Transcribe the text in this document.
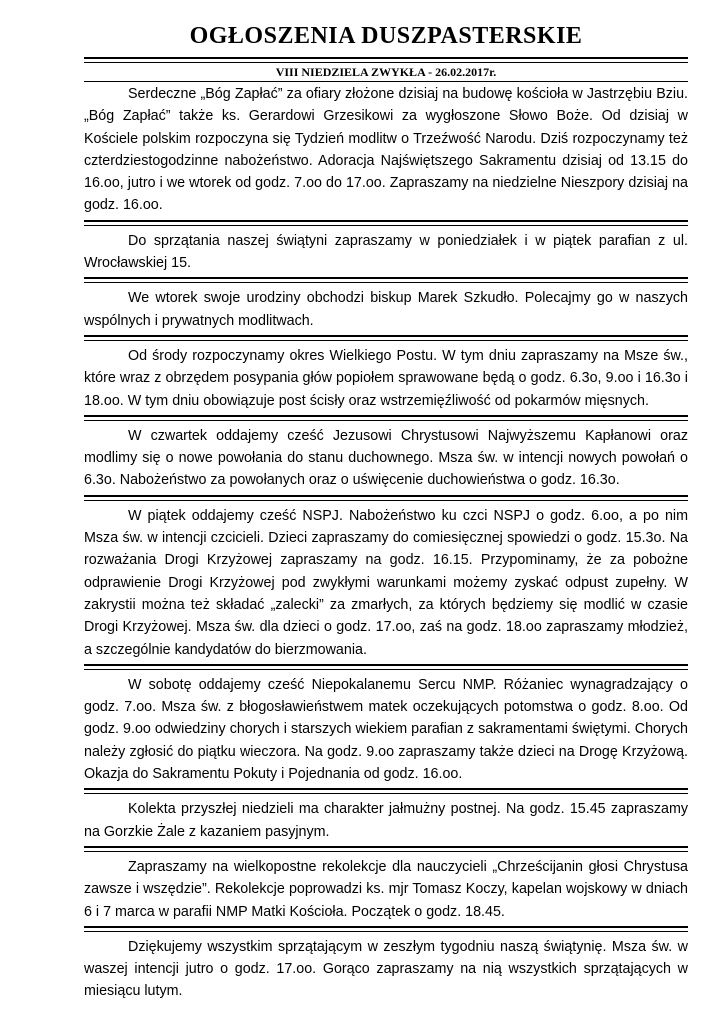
OGŁOSZENIA DUSZPASTERSKIE
VIII NIEDZIELA ZWYKŁA - 26.02.2017r.

Serdeczne „Bóg Zapłać” za ofiary złożone dzisiaj na budowę kościoła w Jastrzębiu Bziu. „Bóg Zapłać” także ks. Gerardowi Grzesikowi za wygłoszone Słowo Boże. Od dzisiaj w Kościele polskim rozpoczyna się Tydzień modlitw o Trzeźwość Narodu. Dziś rozpoczynamy też czterdziestogodzinne nabożeństwo. Adoracja Najświętszego Sakramentu dzisiaj od 13.15 do 16.oo, jutro i we wtorek od godz. 7.oo do 17.oo. Zapraszamy na niedzielne Nieszpory dzisiaj na godz. 16.oo.

Do sprzątania naszej świątyni zapraszamy w poniedziałek i w piątek parafian z ul. Wrocławskiej 15.

We wtorek swoje urodziny obchodzi biskup Marek Szkudło. Polecajmy go w naszych wspólnych i prywatnych modlitwach.

Od środy rozpoczynamy okres Wielkiego Postu. W tym dniu zapraszamy na Msze św., które wraz z obrzędem posypania głów popiołem sprawowane będą o godz. 6.3o, 9.oo i 16.3o i 18.oo. W tym dniu obowiązuje post ścisły oraz wstrzemięźliwość od pokarmów mięsnych.

W czwartek oddajemy cześć Jezusowi Chrystusowi Najwyższemu Kapłanowi oraz modlimy się o nowe powołania do stanu duchownego. Msza św. w intencji nowych powołań o 6.3o. Nabożeństwo za powołanych oraz o uświęcenie duchowieństwa o godz. 16.3o.

W piątek oddajemy cześć NSPJ. Nabożeństwo ku czci NSPJ o godz. 6.oo, a po nim Msza św. w intencji czcicieli. Dzieci zapraszamy do comiesięcznej spowiedzi o godz. 15.3o. Na rozważania Drogi Krzyżowej zapraszamy na godz. 16.15. Przypominamy, że za pobożne odprawienie Drogi Krzyżowej pod zwykłymi warunkami możemy zyskać odpust zupełny. W zakrystii można też składać „zalecki” za zmarłych, za których będziemy się modlić w czasie Drogi Krzyżowej. Msza św. dla dzieci o godz. 17.oo, zaś na godz. 18.oo zapraszamy młodzież, a szczególnie kandydatów do bierzmowania.

W sobotę oddajemy cześć Niepokalanemu Sercu NMP. Różaniec wynagradzający o godz. 7.oo. Msza św. z błogosławieństwem matek oczekujących potomstwa o godz. 8.oo. Od godz. 9.oo odwiedziny chorych i starszych wiekiem parafian z sakramentami świętymi. Chorych należy zgłosić do piątku wieczora. Na godz. 9.oo zapraszamy także dzieci na Drogę Krzyżową. Okazja do Sakramentu Pokuty i Pojednania od godz. 16.oo.

Kolekta przyszłej niedzieli ma charakter jałmużny postnej. Na godz. 15.45 zapraszamy na Gorzkie Żale z kazaniem pasyjnym.

Zapraszamy na wielkopostne rekolekcje dla nauczycieli „Chrześcijanin głosi Chrystusa zawsze i wszędzie”. Rekolekcje poprowadzi ks. mjr Tomasz Koczy, kapelan wojskowy w dniach 6 i 7 marca w parafii NMP Matki Kościoła. Początek o godz. 18.45.

Dziękujemy wszystkim sprzątającym w zeszłym tygodniu naszą świątynię. Msza św. w waszej intencji jutro o godz. 17.oo. Gorąco zapraszamy na nią wszystkich sprzątających w miesiącu lutym.
